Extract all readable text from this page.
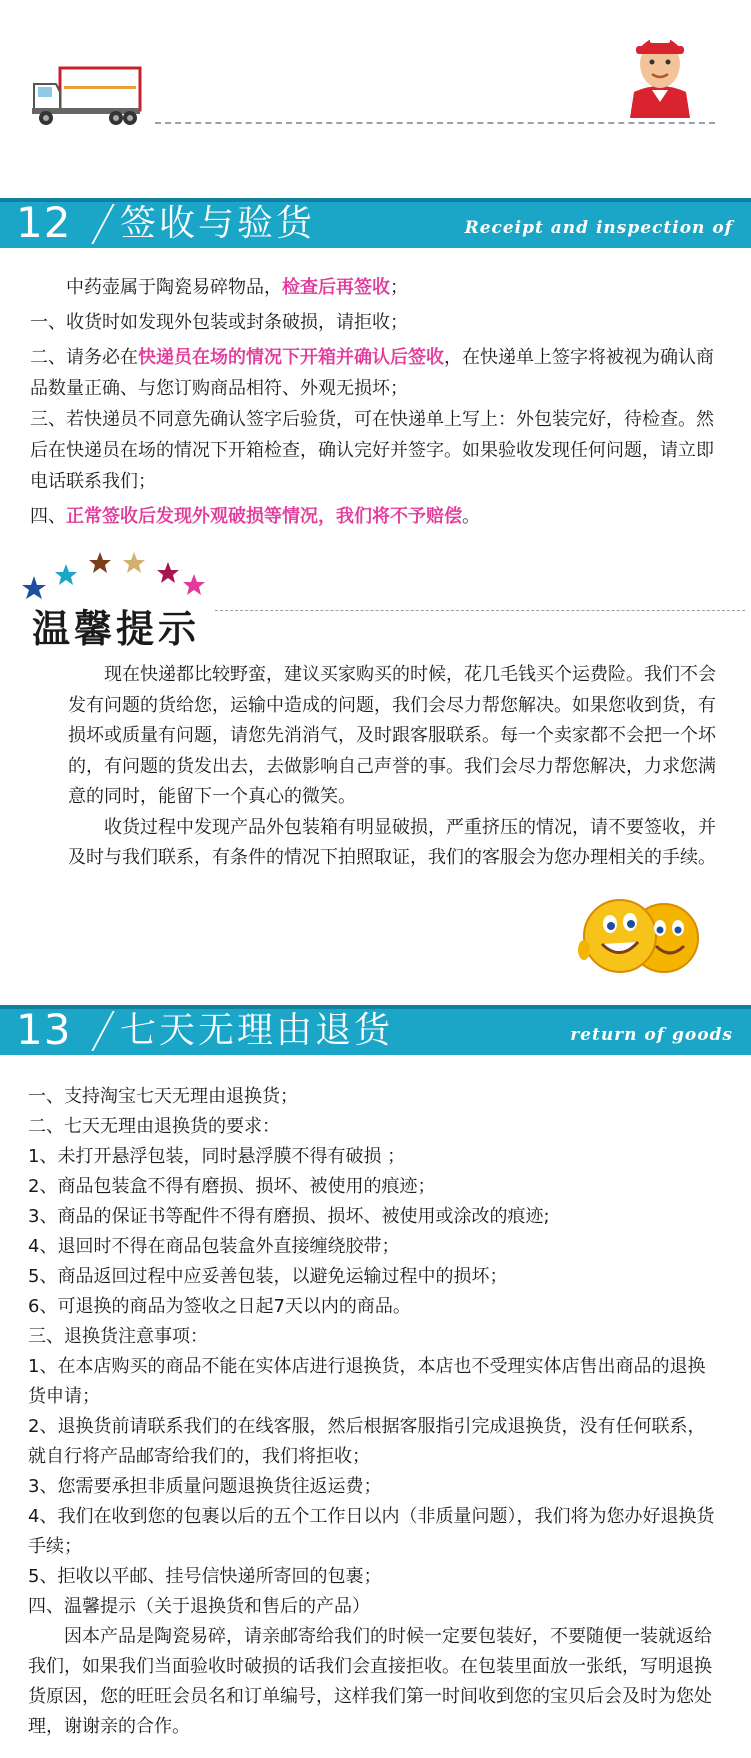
12 签收与验货	Receipt and inspection of

中药壶属于陶瓷易碎物品，检查后再签收；

一、收货时如发现外包装或封条破损，请拒收；

二、请务必在快递员在场的情况下开箱并确认后签收，在快递单上签字将被视为确认商品数量正确、与您订购商品相符、外观无损坏；

三、若快递员不同意先确认签字后验货，可在快递单上写上：外包装完好，待检查。然后在快递员在场的情况下开箱检查，确认完好并签字。如果验收发现任何问题，请立即电话联系我们；

四、正常签收后发现外观破损等情况，我们将不予赔偿。

温馨提示

现在快递都比较野蛮，建议买家购买的时候，花几毛钱买个运费险。我们不会发有问题的货给您，运输中造成的问题，我们会尽力帮您解决。如果您收到货，有损坏或质量有问题，请您先消消气，及时跟客服联系。每一个卖家都不会把一个坏的，有问题的货发出去，去做影响自己声誉的事。我们会尽力帮您解决，力求您满意的同时，能留下一个真心的微笑。

收货过程中发现产品外包装箱有明显破损，严重挤压的情况，请不要签收，并及时与我们联系，有条件的情况下拍照取证，我们的客服会为您办理相关的手续。

13 七天无理由退货	return of goods

一、支持淘宝七天无理由退换货；

二、七天无理由退换货的要求：

1、未打开悬浮包装，同时悬浮膜不得有破损 ；

2、商品包装盒不得有磨损、损坏、被使用的痕迹；

3、商品的保证书等配件不得有磨损、损坏、被使用或涂改的痕迹;

4、退回时不得在商品包装盒外直接缠绕胶带；

5、商品返回过程中应妥善包装，以避免运输过程中的损坏；

6、可退换的商品为签收之日起7天以内的商品。

三、退换货注意事项：

1、在本店购买的商品不能在实体店进行退换货，本店也不受理实体店售出商品的退换货申请；

2、退换货前请联系我们的在线客服，然后根据客服指引完成退换货，没有任何联系，就自行将产品邮寄给我们的，我们将拒收；

3、您需要承担非质量问题退换货往返运费；

4、我们在收到您的包裹以后的五个工作日以内（非质量问题），我们将为您办好退换货手续；

5、拒收以平邮、挂号信快递所寄回的包裹；

四、温馨提示（关于退换货和售后的产品）

因本产品是陶瓷易碎，请亲邮寄给我们的时候一定要包装好，不要随便一装就返给我们，如果我们当面验收时破损的话我们会直接拒收。在包装里面放一张纸，写明退换货原因，您的旺旺会员名和订单编号，这样我们第一时间收到您的宝贝后会及时为您处理，谢谢亲的合作。
